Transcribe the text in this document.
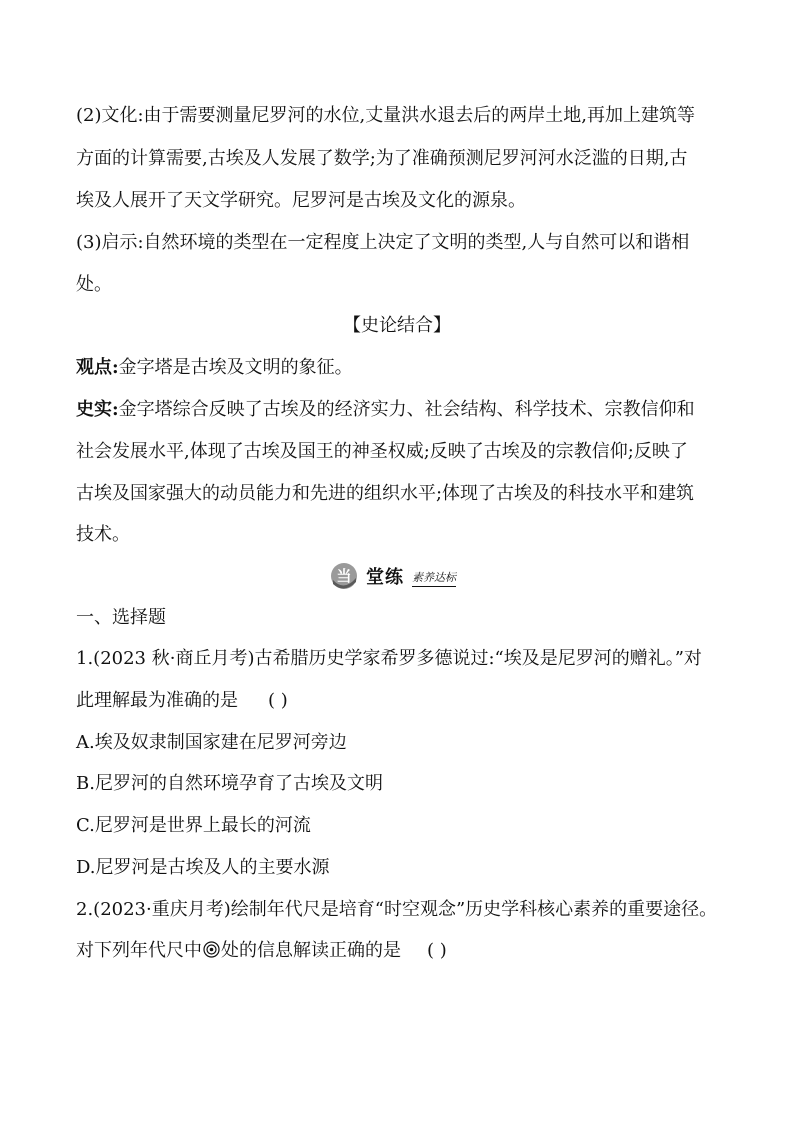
(2)文化:由于需要测量尼罗河的水位,丈量洪水退去后的两岸土地,再加上建筑等
方面的计算需要,古埃及人发展了数学;为了准确预测尼罗河河水泛滥的日期,古
埃及人展开了天文学研究。尼罗河是古埃及文化的源泉。
(3)启示:自然环境的类型在一定程度上决定了文明的类型,人与自然可以和谐相
处。
【史论结合】
观点:金字塔是古埃及文明的象征。
史实:金字塔综合反映了古埃及的经济实力、社会结构、科学技术、宗教信仰和
社会发展水平,体现了古埃及国王的神圣权威;反映了古埃及的宗教信仰;反映了
古埃及国家强大的动员能力和先进的组织水平;体现了古埃及的科技水平和建筑
技术。
当 堂练 素养达标
一、选择题
1.(2023 秋·商丘月考)古希腊历史学家希罗多德说过:“埃及是尼罗河的赠礼。”对
此理解最为准确的是 ( )
A.埃及奴隶制国家建在尼罗河旁边
B.尼罗河的自然环境孕育了古埃及文明
C.尼罗河是世界上最长的河流
D.尼罗河是古埃及人的主要水源
2.(2023·重庆月考)绘制年代尺是培育“时空观念”历史学科核心素养的重要途径。
对下列年代尺中 处的信息解读正确的是 ( )
